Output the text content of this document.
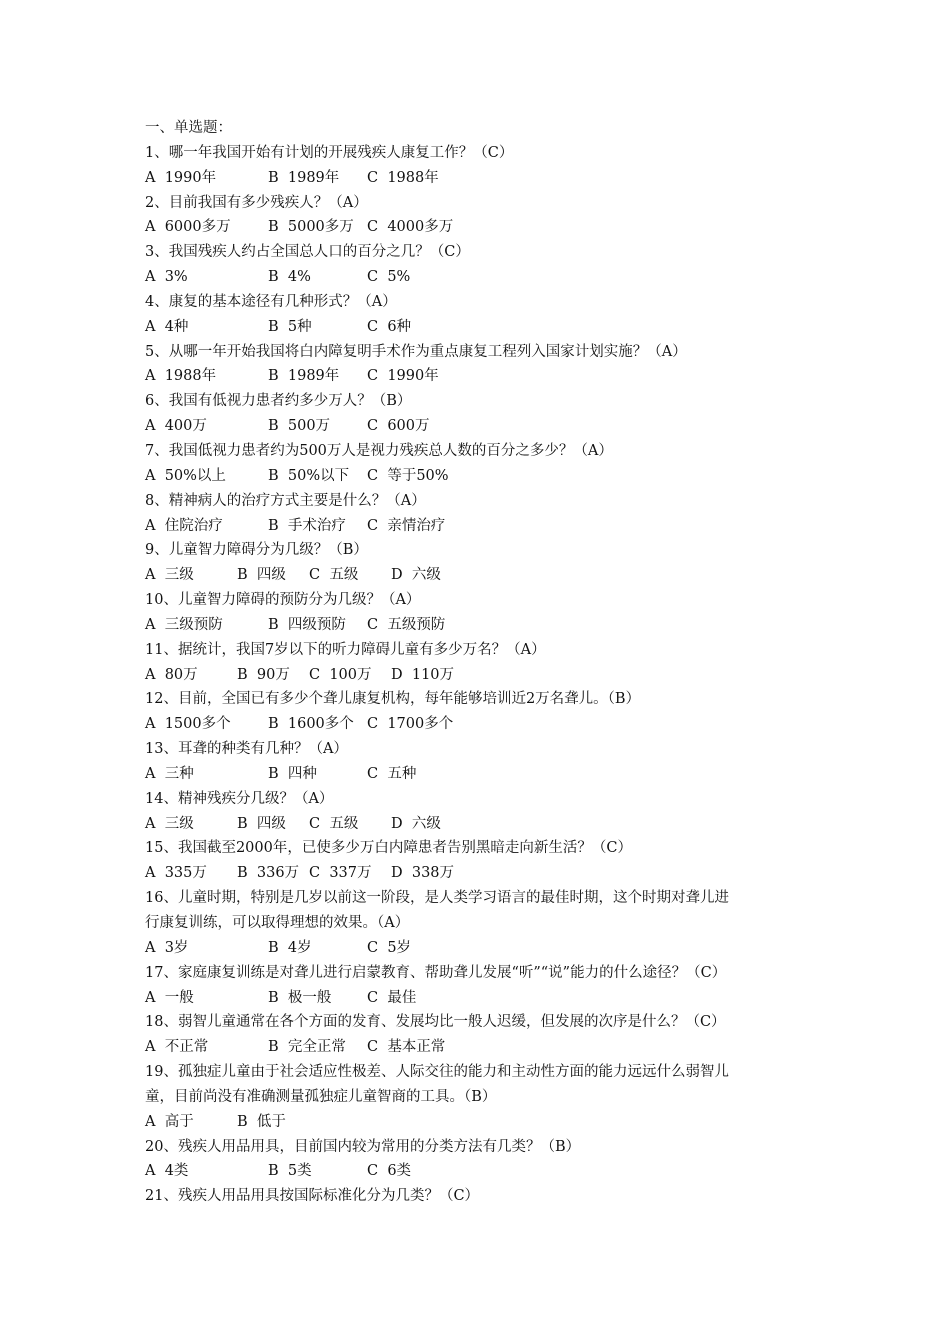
一、单选题：
1、哪一年我国开始有计划的开展残疾人康复工作？（C）
A  1990年	B  1989年 C  1988年
2、目前我国有多少残疾人？（A）
A  6000多万	B  5000多万 C  4000多万
3、我国残疾人约占全国总人口的百分之几？（C）
A  3%	B  4%	C  5%
4、康复的基本途径有几种形式？（A）
A  4种	B  5种	C  6种
5、从哪一年开始我国将白内障复明手术作为重点康复工程列入国家计划实施？（A）
A  1988年	B  1989年 C  1990年
6、我国有低视力患者约多少万人？（B）
A  400万	B  500万	C  600万
7、我国低视力患者约为500万人是视力残疾总人数的百分之多少？（A）
A  50%以上	B  50%以下 C  等于50%
8、精神病人的治疗方式主要是什么？（A）
A  住院治疗	B  手术治疗 C  亲情治疗
9、儿童智力障碍分为几级？（B）
A  三级	B  四级 C  五级 D  六级
10、儿童智力障碍的预防分为几级？（A）
A  三级预防	B  四级预防 C  五级预防
11、据统计，我国7岁以下的听力障碍儿童有多少万名？（A）
A  80万	B  90万 C  100万 D  110万
12、目前，全国已有多少个聋儿康复机构，每年能够培训近2万名聋儿。（B）
A  1500多个	B  1600多个 C  1700多个
13、耳聋的种类有几种？（A）
A  三种	B  四种	C  五种
14、精神残疾分几级？（A）
A  三级	B  四级 C  五级 D  六级
15、我国截至2000年，已使多少万白内障患者告别黑暗走向新生活？（C）
A  335万 B  336万 C  337万 D  338万
16、儿童时期，特别是几岁以前这一阶段，是人类学习语言的最佳时期，这个时期对聋儿进
行康复训练，可以取得理想的效果。（A）
A  3岁	B  4岁	C  5岁
17、家庭康复训练是对聋儿进行启蒙教育、帮助聋儿发展“听”“说”能力的什么途径？（C）
A  一般	B  极一般 C  最佳
18、弱智儿童通常在各个方面的发育、发展均比一般人迟缓，但发展的次序是什么？（C）
A  不正常	B  完全正常 C  基本正常
19、孤独症儿童由于社会适应性极差、人际交往的能力和主动性方面的能力远远什么弱智儿
童，目前尚没有准确测量孤独症儿童智商的工具。（B）
A  高于	B  低于
20、残疾人用品用具，目前国内较为常用的分类方法有几类？（B）
A  4类	B  5类	C  6类
21、残疾人用品用具按国际标准化分为几类？（C）
